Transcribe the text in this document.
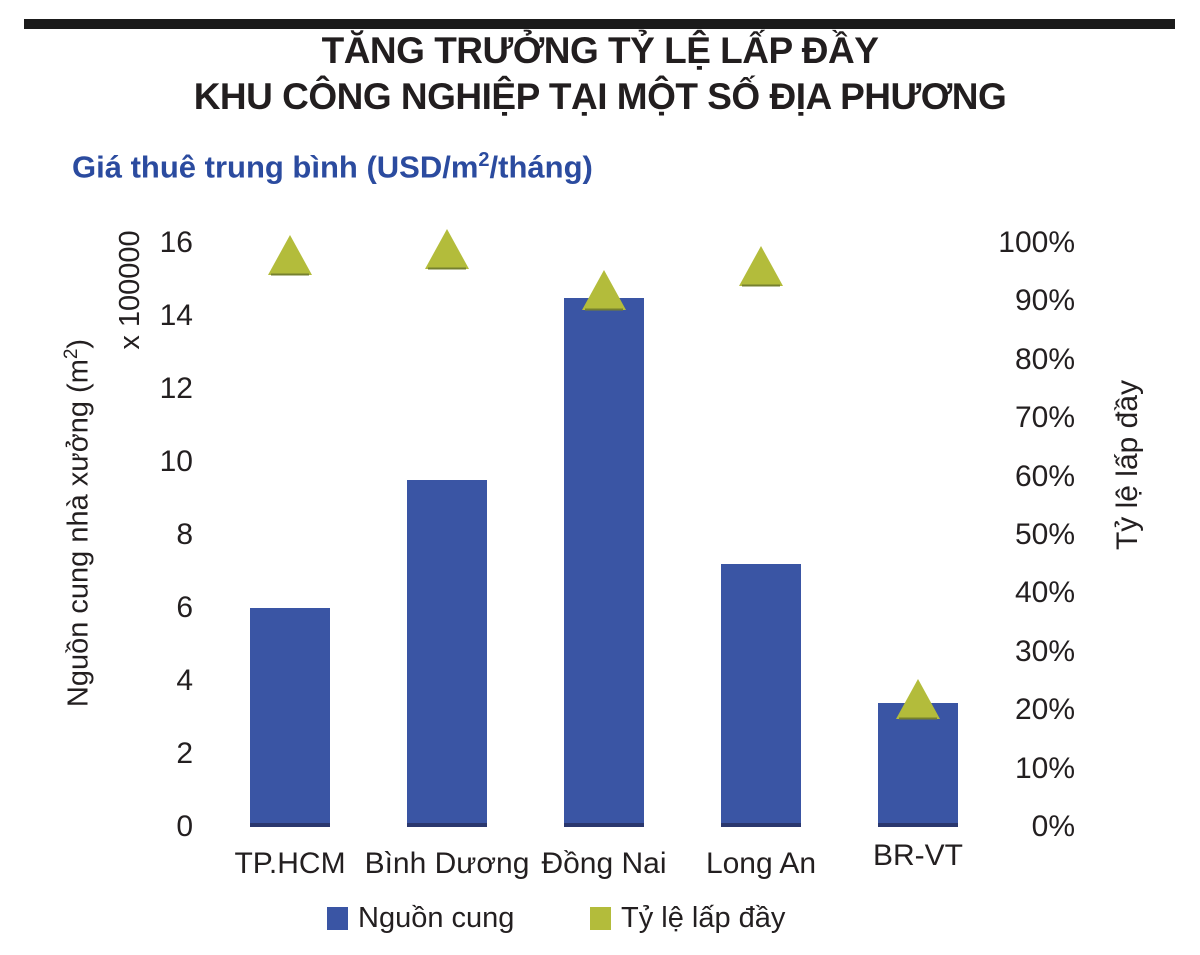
TĂNG TRƯỞNG TỶ LỆ LẤP ĐẦY
KHU CÔNG NGHIỆP TẠI MỘT SỐ ĐỊA PHƯƠNG
Giá thuê trung bình $(USD/m^2/tháng)$
Nguồn cung nhà xưởng $(m^2)$ x 100000
Tỷ lệ lấp đầy
16
14
12
10
8
6
4
2
0
100%
90%
80%
70%
60%
50%
40%
30%
20%
10%
0%
TP.HCM Bình Dương Đồng Nai	Long An	BR-VT
Nguồn cung	Tỷ lệ lấp đầy
